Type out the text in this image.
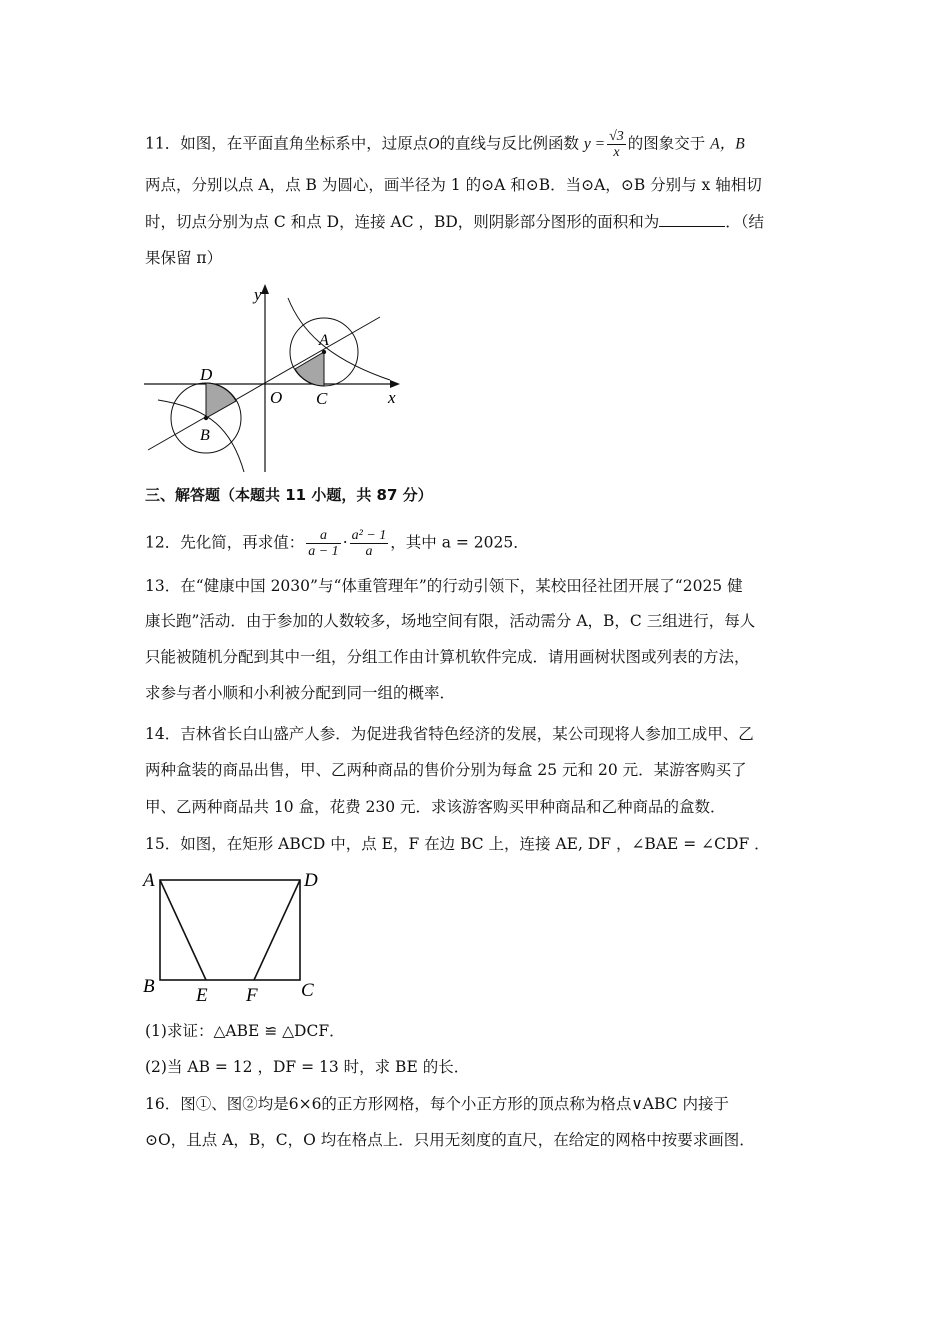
11．如图，在平面直角坐标系中，过原点O的直线与反比例函数 $y = \frac{√3}{x}$ 的图象交于 A，B
两点，分别以点 A，点 B 为圆心，画半径为 1 的⊙A 和⊙B．当⊙A，⊙B 分别与 x 轴相切
时，切点分别为点 C 和点 D，连接 AC ，BD，则阴影部分图形的面积和为	．（结
果保留 π）
y
x
O
A
C
D
B
三、解答题（本题共 11 小题，共 87 分）
12．先化简，再求值： $\frac{a}{a - 1} \cdot \frac{\text{a² − 1}}{a}$ ，其中 a = 2025．
13．在“健康中国 2030”与“体重管理年”的行动引领下，某校田径社团开展了“2025 健
康长跑”活动．由于参加的人数较多，场地空间有限，活动需分 A，B，C 三组进行，每人
只能被随机分配到其中一组，分组工作由计算机软件完成．请用画树状图或列表的方法，
求参与者小顺和小利被分配到同一组的概率．
14．吉林省长白山盛产人参．为促进我省特色经济的发展，某公司现将人参加工成甲、乙
两种盒装的商品出售，甲、乙两种商品的售价分别为每盒 25 元和 20 元．某游客购买了
甲、乙两种商品共 10 盒，花费 230 元．求该游客购买甲种商品和乙种商品的盒数．
15．如图，在矩形 ABCD 中，点 E，F 在边 BC 上，连接 AE, DF ，∠BAE = ∠CDF ．
A	D
B	C
E F
(1)求证：△ABE ≌ △DCF．
(2)当 AB = 12 ，DF = 13 时，求 BE 的长．
16．图①、图②均是6×6的正方形网格，每个小正方形的顶点称为格点∨ABC 内接于
⊙O，且点 A，B，C，O 均在格点上．只用无刻度的直尺，在给定的网格中按要求画图．
